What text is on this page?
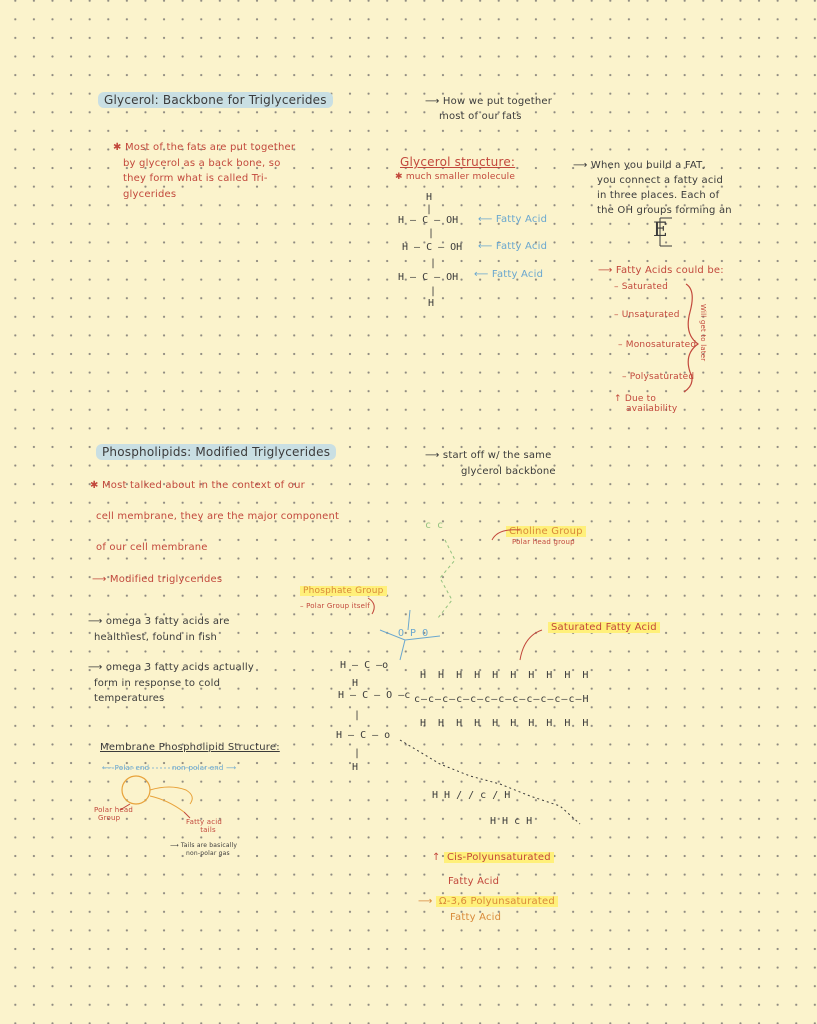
Glycerol: Backbone for Triglycerides	⟶ How we put together
most of our fats
✱ Most of the fats are put together
by glycerol as a back bone, so
they form what is called Tri-
glycerides
Glycerol structure:
✱ much smaller molecule
H
|
H — C — OH
|
H — C — OH
|
H — C — OH
|
H
⟵ Fatty Acid
⟵ Fatty Acid
⟵ Fatty Acid
⟶ When you build a FAT,
you connect a fatty acid
in three places. Each of
the OH groups forming an
E
⟶ Fatty Acids could be:
– Saturated
– Unsaturated
– Monosaturated
– Polysaturated
Will get to later
↑ Due to
availability
Phospholipids: Modified Triglycerides	⟶ start off w/ the same
glycerol backbone
✱ Most talked about in the context of our
cell membrane, they are the major component
of our cell membrane
⟶ Modified triglycerides
⟶ omega 3 fatty acids are
healthiest, found in fish
⟶ omega 3 fatty acids actually
form in response to cold
temperatures
Membrane Phospholipid Structure:
⟵ Polar end	non-polar end ⟶
Polar head
Group	Fatty acid
tails
⟶ Tails are basically
non-polar gas
Choline Group
Polar head group
Phosphate Group
– Polar Group itself
Saturated Fatty Acid
H
H — C —o
H — C — O —c
H — C — o
|
|
H
H H H H H H H H H H
c—c—c—c—c—c—c—c—c—c—c—c—H
H H H H H H H H H H
H H / / c / H
H H c H
O P O
c c
↑ Cis-Polyunsaturated
Fatty Acid
⟶ Ω-3,6 Polyunsaturated
Fatty Acid
